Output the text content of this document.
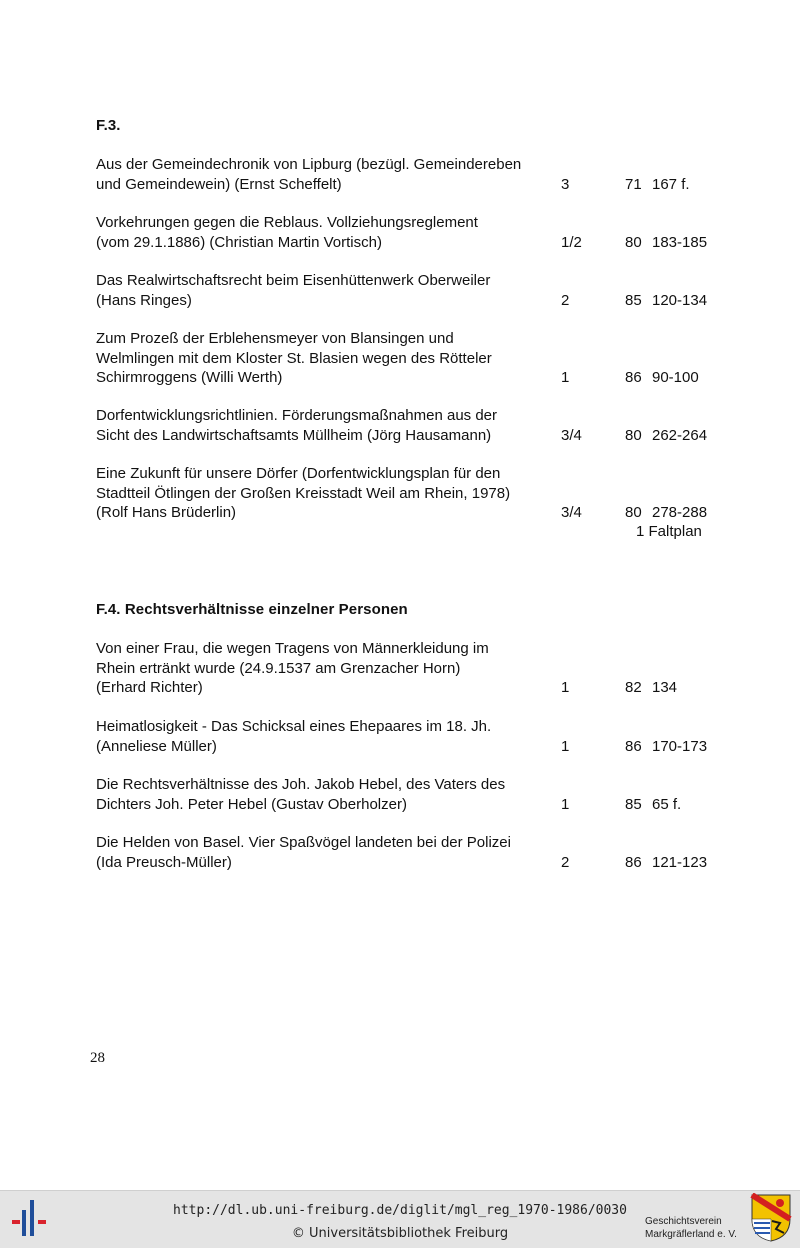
F.3.
Aus der Gemeindechronik von Lipburg (bezügl. Gemeindereben
und Gemeindewein) (Ernst Scheffelt)	3	71 167 f.
Vorkehrungen gegen die Reblaus. Vollziehungsreglement
(vom 29.1.1886) (Christian Martin Vortisch)	1/2	80 183-185
Das Realwirtschaftsrecht beim Eisenhüttenwerk Oberweiler
(Hans Ringes)	2	85 120-134
Zum Prozeß der Erblehensmeyer von Blansingen und
Welmlingen mit dem Kloster St. Blasien wegen des Rötteler
Schirmroggens (Willi Werth)	1	86 90-100
Dorfentwicklungsrichtlinien. Förderungsmaßnahmen aus der
Sicht des Landwirtschaftsamts Müllheim (Jörg Hausamann)	3/4	80 262-264
Eine Zukunft für unsere Dörfer (Dorfentwicklungsplan für den
Stadtteil Ötlingen der Großen Kreisstadt Weil am Rhein, 1978)
(Rolf Hans Brüderlin)	3/4	80 278-288
1 Faltplan
F.4. Rechtsverhältnisse einzelner Personen
Von einer Frau, die wegen Tragens von Männerkleidung im
Rhein ertränkt wurde (24.9.1537 am Grenzacher Horn)
(Erhard Richter)	1	82 134
Heimatlosigkeit - Das Schicksal eines Ehepaares im 18. Jh.
(Anneliese Müller)	1	86 170-173
Die Rechtsverhältnisse des Joh. Jakob Hebel, des Vaters des
Dichters Joh. Peter Hebel (Gustav Oberholzer)	1	85 65 f.
Die Helden von Basel. Vier Spaßvögel landeten bei der Polizei
(Ida Preusch-Müller)	2	86 121-123
28
http://dl.ub.uni-freiburg.de/diglit/mgl_reg_1970-1986/0030
© Universitätsbibliothek Freiburg
Geschichtsverein
Markgräflerland e. V.
